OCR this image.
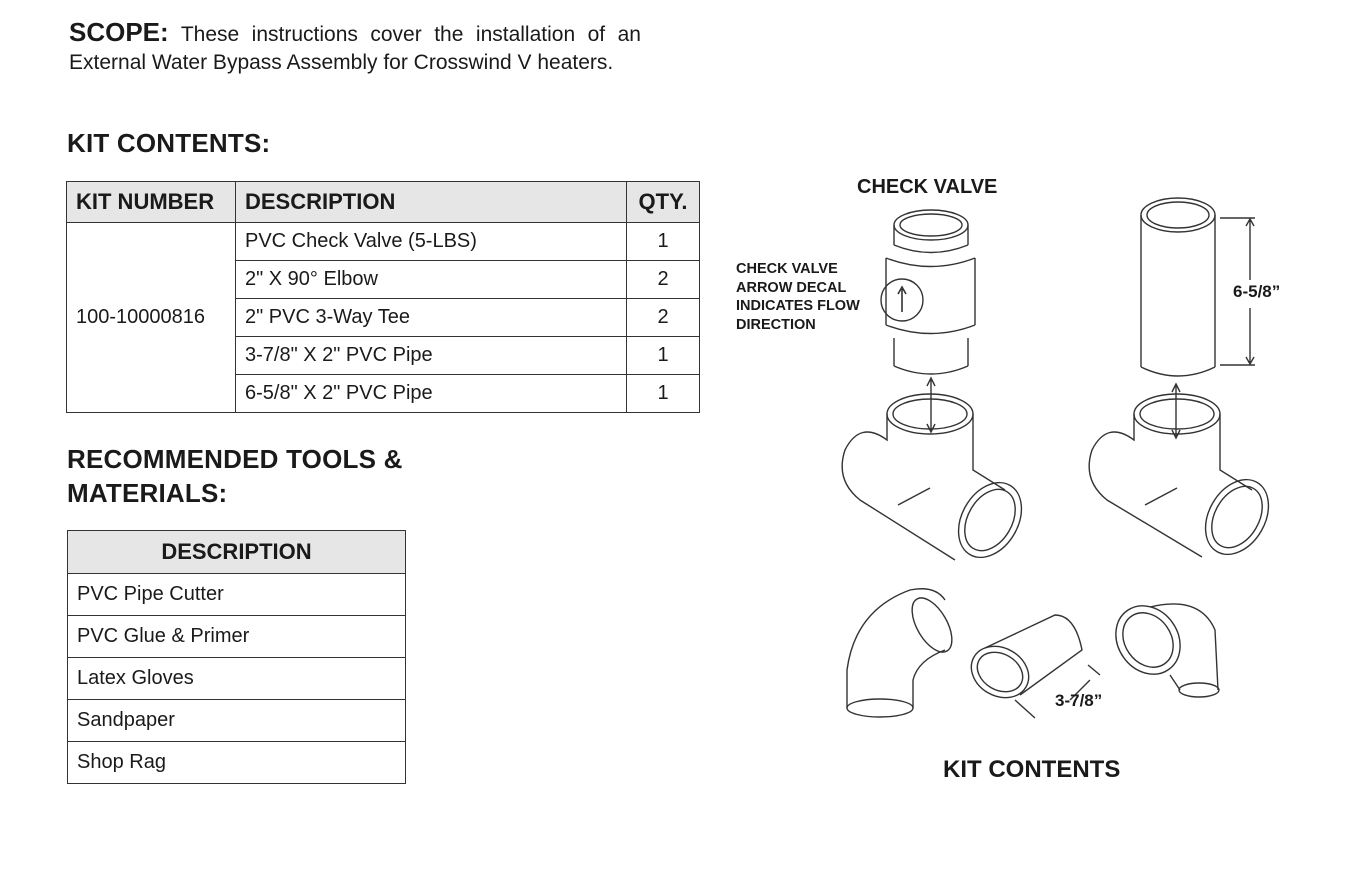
SCOPE: These instructions cover the installation of an External Water Bypass Assembly for Crosswind V heaters.
KIT CONTENTS:
KIT NUMBER	DESCRIPTION	QTY.
100-10000816	PVC Check Valve (5-LBS)	1
	2" X 90° Elbow	2
	2" PVC 3-Way Tee	2
	3-7/8" X 2" PVC Pipe	1
	6-5/8" X 2" PVC Pipe	1
RECOMMENDED TOOLS & MATERIALS:
DESCRIPTION
PVC Pipe Cutter
PVC Glue & Primer
Latex Gloves
Sandpaper
Shop Rag
CHECK VALVE
CHECK VALVE ARROW DECAL INDICATES FLOW DIRECTION
6-5/8”
3-7/8”
KIT CONTENTS
